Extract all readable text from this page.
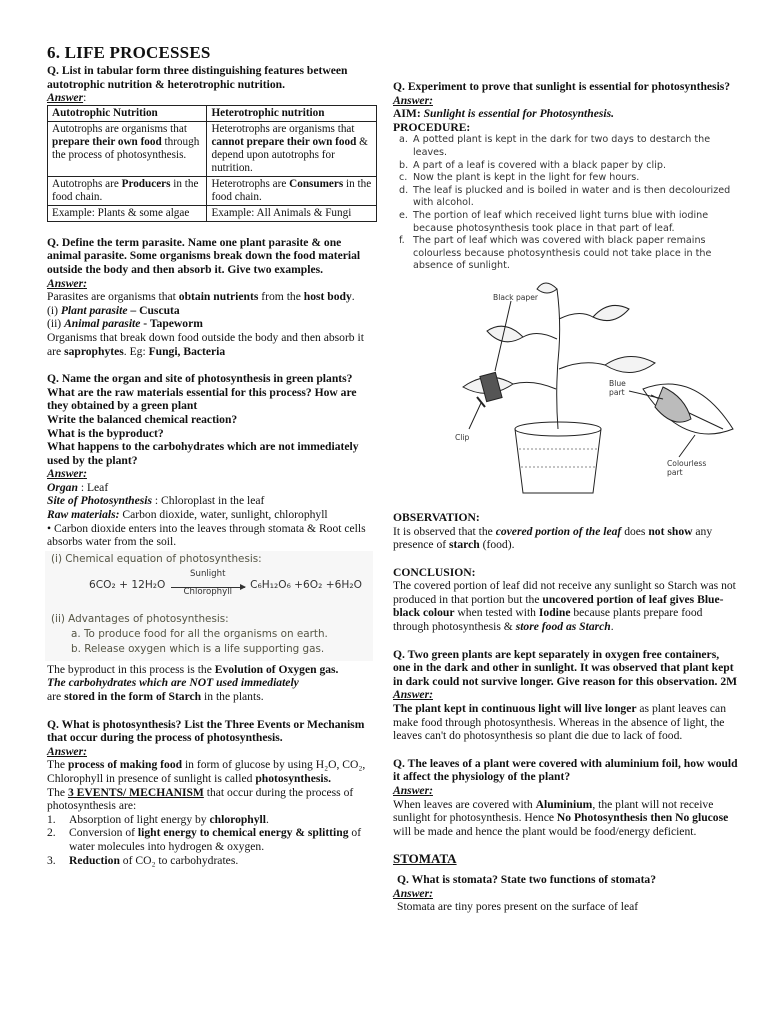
6. LIFE PROCESSES

Q. List in tabular form three distinguishing features between autotrophic nutrition & heterotrophic nutrition.

Answer:

Autotrophic Nutrition	Heterotrophic nutrition
Autotrophs are organisms that prepare their own food through the process of photosynthesis.	Heterotrophs are organisms that cannot prepare their own food & depend upon autotrophs for nutrition.
Autotrophs are Producers in the food chain.	Heterotrophs are Consumers in the food chain.
Example: Plants & some algae	Example: All Animals & Fungi

Q. Define the term parasite. Name one plant parasite & one animal parasite. Some organisms break down the food material outside the body and then absorb it. Give two examples.

Answer:

Parasites are organisms that obtain nutrients from the host body.

(i) Plant parasite – Cuscuta

(ii) Animal parasite - Tapeworm

Organisms that break down food outside the body and then absorb it are saprophytes. Eg: Fungi, Bacteria

Q. Name the organ and site of photosynthesis in green plants? What are the raw materials essential for this process? How are they obtained by a green plant

Write the balanced chemical reaction?

What is the byproduct?

What happens to the carbohydrates which are not immediately used by the plant?

Answer:

Organ : Leaf

Site of Photosynthesis : Chloroplast in the leaf

Raw materials: Carbon dioxide, water, sunlight, chlorophyll

• Carbon dioxide enters into the leaves through stomata & Root cells absorbs water from the soil.

(i) Chemical equation of photosynthesis:
6CO₂ + 12H₂O
Sunlight
Chlorophyll
C₆H₁₂O₆ +6O₂ +6H₂O
(ii) Advantages of photosynthesis:
a. To produce food for all the organisms on earth.
b. Release oxygen which is a life supporting gas.

The byproduct in this process is the Evolution of Oxygen gas.

The carbohydrates which are NOT used immediately

are stored in the form of Starch in the plants.

Q. What is photosynthesis? List the Three Events or Mechanism that occur during the process of photosynthesis.

Answer:

The process of making food in form of glucose by using H₂O, CO₂, Chlorophyll in presence of sunlight is called photosynthesis.

The 3 EVENTS/ MECHANISM that occur during the process of photosynthesis are:

1.	Absorption of light energy by chlorophyll.
2.	Conversion of light energy to chemical energy & splitting of water molecules into hydrogen & oxygen.
3.	Reduction of CO₂ to carbohydrates.

Q. Experiment to prove that sunlight is essential for photosynthesis?

Answer:

AIM: Sunlight is essential for Photosynthesis.

PROCEDURE:

a. A potted plant is kept in the dark for two days to destarch the leaves.
b. A part of a leaf is covered with a black paper by clip.
c. Now the plant is kept in the light for few hours.
d. The leaf is plucked and is boiled in water and is then decolourized with alcohol.
e. The portion of leaf which received light turns blue with iodine because photosynthesis took place in that part of leaf.
f. The part of leaf which was covered with black paper remains colourless because photosynthesis could not take place in the absence of sunlight.
Black paper
Clip
Blue part
Colourless part

OBSERVATION:

It is observed that the covered portion of the leaf does not show any presence of starch (food).

CONCLUSION:

The covered portion of leaf did not receive any sunlight so Starch was not produced in that portion but the uncovered portion of leaf gives Blue-black colour when tested with Iodine because plants prepare food through photosynthesis & store food as Starch.

Q. Two green plants are kept separately in oxygen free containers, one in the dark and other in sunlight. It was observed that plant kept in dark could not survive longer. Give reason for this observation. 2M

Answer:

The plant kept in continuous light will live longer as plant leaves can make food through photosynthesis. Whereas in the absence of light, the leaves can't do photosynthesis so plant die due to lack of food.

Q. The leaves of a plant were covered with aluminium foil, how would it affect the physiology of the plant?

Answer:

When leaves are covered with Aluminium, the plant will not receive sunlight for photosynthesis. Hence No Photosynthesis then No glucose will be made and hence the plant would be food/energy deficient.

STOMATA

Q. What is stomata? State two functions of stomata?

Answer:

Stomata are tiny pores present on the surface of leaf
